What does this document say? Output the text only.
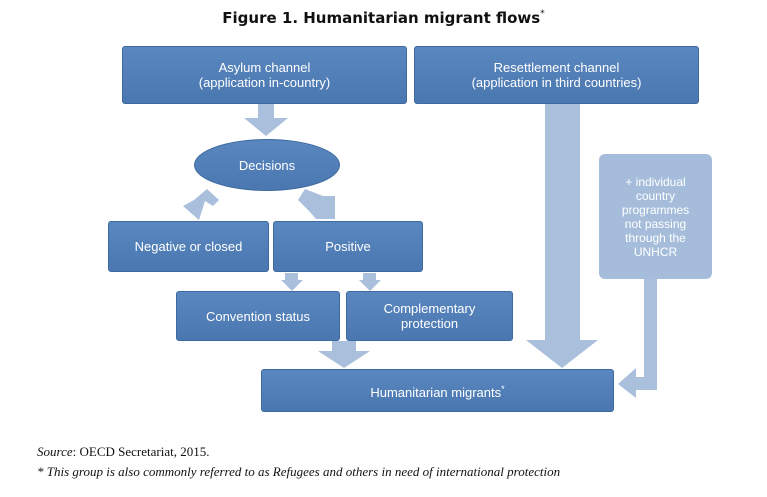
Figure 1. Humanitarian migrant flows*
Asylum channel
(application in-country)
Resettlement channel
(application in third countries)
Decisions
Negative or closed	Positive
Convention status	Complementary
protection
+ individual
country
programmes
not passing
through the
UNHCR
Humanitarian migrants*
Source: OECD Secretariat, 2015.
* This group is also commonly referred to as Refugees and others in need of international protection
